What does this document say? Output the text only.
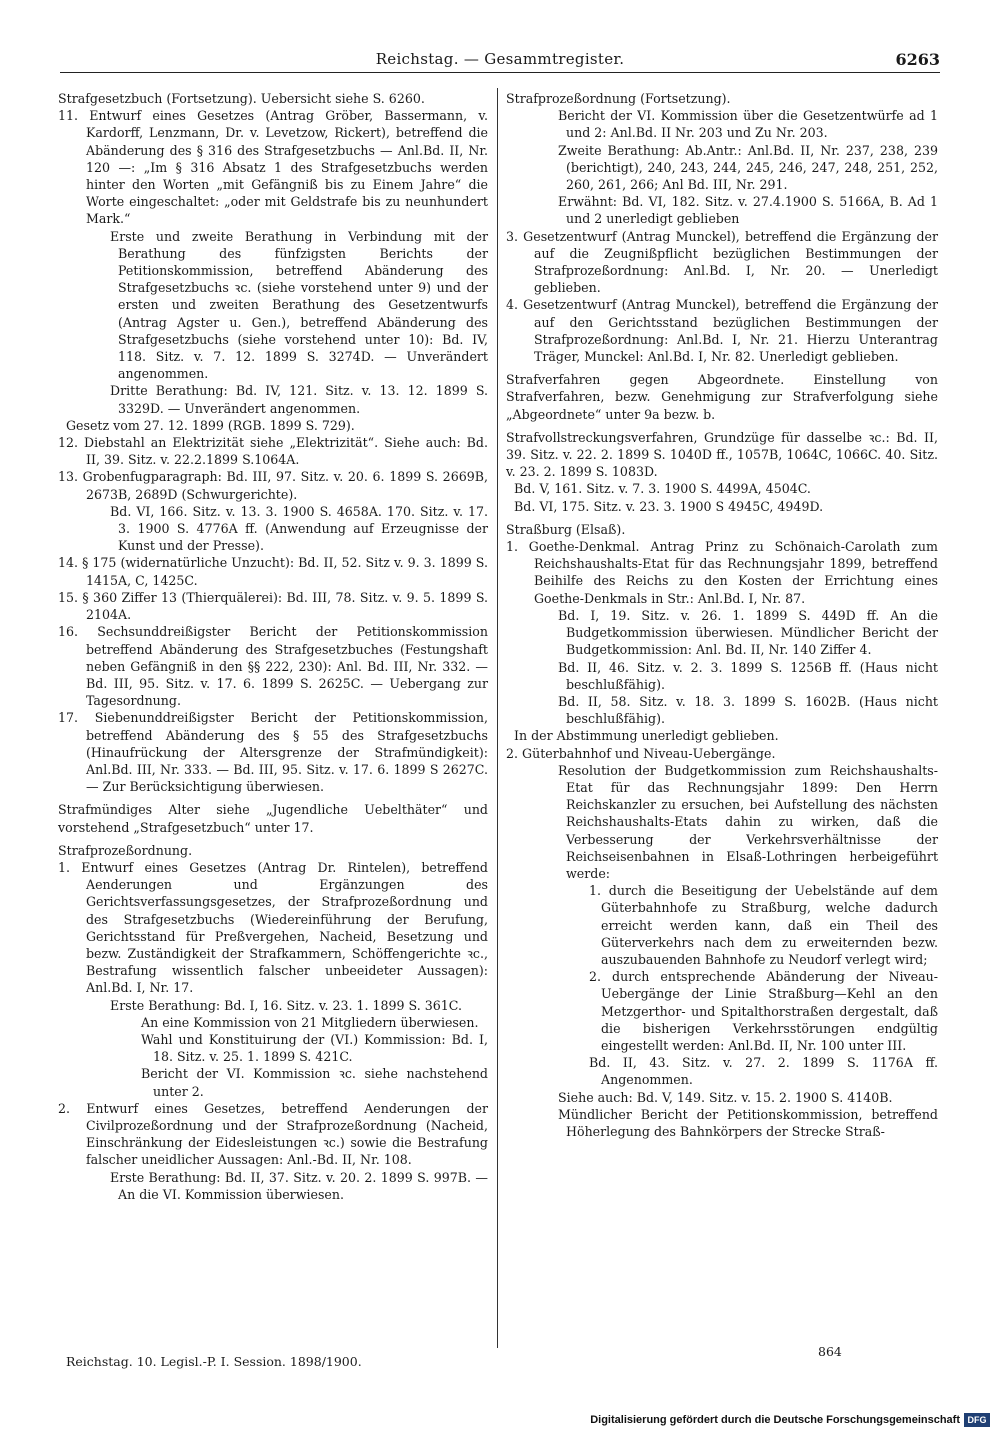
Reichstag. — Gesammtregister.	6263

Strafgesetzbuch (Fortsetzung). Uebersicht siehe S. 6260.

11. Entwurf eines Gesetzes (Antrag Gröber, Bassermann, v. Kardorff, Lenzmann, Dr. v. Levetzow, Rickert), betreffend die Abänderung des § 316 des Strafgesetzbuchs — Anl.Bd. II, Nr. 120 —: „Im § 316 Absatz 1 des Strafgesetzbuchs werden hinter den Worten „mit Gefängniß bis zu Einem Jahre“ die Worte eingeschaltet: „oder mit Geldstrafe bis zu neunhundert Mark.“

Erste und zweite Berathung in Verbindung mit der Berathung des fünfzigsten Berichts der Petitionskommission, betreffend Abänderung des Strafgesetzbuchs ꝛc. (siehe vorstehend unter 9) und der ersten und zweiten Berathung des Gesetzentwurfs (Antrag Agster u. Gen.), betreffend Abänderung des Strafgesetzbuchs (siehe vorstehend unter 10): Bd. IV, 118. Sitz. v. 7. 12. 1899 S. 3274D. — Unverändert angenommen.

Dritte Berathung: Bd. IV, 121. Sitz. v. 13. 12. 1899 S. 3329D. — Unverändert angenommen.

Gesetz vom 27. 12. 1899 (RGB. 1899 S. 729).

12. Diebstahl an Elektrizität siehe „Elektrizität“. Siehe auch: Bd. II, 39. Sitz. v. 22.2.1899 S.1064A.

13. Grobenfugparagraph: Bd. III, 97. Sitz. v. 20. 6. 1899 S. 2669B, 2673B, 2689D (Schwurgerichte).

Bd. VI, 166. Sitz. v. 13. 3. 1900 S. 4658A. 170. Sitz. v. 17. 3. 1900 S. 4776A ff. (Anwendung auf Erzeugnisse der Kunst und der Presse).

14. § 175 (widernatürliche Unzucht): Bd. II, 52. Sitz v. 9. 3. 1899 S. 1415A, C, 1425C.

15. § 360 Ziffer 13 (Thierquälerei): Bd. III, 78. Sitz. v. 9. 5. 1899 S. 2104A.

16. Sechsunddreißigster Bericht der Petitionskommission betreffend Abänderung des Strafgesetzbuches (Festungshaft neben Gefängniß in den §§ 222, 230): Anl. Bd. III, Nr. 332. — Bd. III, 95. Sitz. v. 17. 6. 1899 S. 2625C. — Uebergang zur Tagesordnung.

17. Siebenunddreißigster Bericht der Petitionskommission, betreffend Abänderung des § 55 des Strafgesetzbuchs (Hinaufrückung der Altersgrenze der Strafmündigkeit): Anl.Bd. III, Nr. 333. — Bd. III, 95. Sitz. v. 17. 6. 1899 S 2627C. — Zur Berücksichtigung überwiesen.

Strafmündiges Alter siehe „Jugendliche Uebelthäter“ und vorstehend „Strafgesetzbuch“ unter 17.

Strafprozeßordnung.

1. Entwurf eines Gesetzes (Antrag Dr. Rintelen), betreffend Aenderungen und Ergänzungen des Gerichtsverfassungsgesetzes, der Strafprozeßordnung und des Strafgesetzbuchs (Wiedereinführung der Berufung, Gerichtsstand für Preßvergehen, Nacheid, Besetzung und bezw. Zuständigkeit der Strafkammern, Schöffengerichte ꝛc., Bestrafung wissentlich falscher unbeeideter Aussagen): Anl.Bd. I, Nr. 17.

Erste Berathung: Bd. I, 16. Sitz. v. 23. 1. 1899 S. 361C.

An eine Kommission von 21 Mitgliedern überwiesen.

Wahl und Konstituirung der (VI.) Kommission: Bd. I, 18. Sitz. v. 25. 1. 1899 S. 421C.

Bericht der VI. Kommission ꝛc. siehe nachstehend unter 2.

2. Entwurf eines Gesetzes, betreffend Aenderungen der Civilprozeßordnung und der Strafprozeßordnung (Nacheid, Einschränkung der Eidesleistungen ꝛc.) sowie die Bestrafung falscher uneidlicher Aussagen: Anl.-Bd. II, Nr. 108.

Erste Berathung: Bd. II, 37. Sitz. v. 20. 2. 1899 S. 997B. — An die VI. Kommission überwiesen.

Strafprozeßordnung (Fortsetzung).

Bericht der VI. Kommission über die Gesetzentwürfe ad 1 und 2: Anl.Bd. II Nr. 203 und Zu Nr. 203.

Zweite Berathung: Ab.Antr.: Anl.Bd. II, Nr. 237, 238, 239 (berichtigt), 240, 243, 244, 245, 246, 247, 248, 251, 252, 260, 261, 266; Anl Bd. III, Nr. 291.

Erwähnt: Bd. VI, 182. Sitz. v. 27.4.1900 S. 5166A, B. Ad 1 und 2 unerledigt geblieben

3. Gesetzentwurf (Antrag Munckel), betreffend die Ergänzung der auf die Zeugnißpflicht bezüglichen Bestimmungen der Strafprozeßordnung: Anl.Bd. I, Nr. 20. — Unerledigt geblieben.

4. Gesetzentwurf (Antrag Munckel), betreffend die Ergänzung der auf den Gerichtsstand bezüglichen Bestimmungen der Strafprozeßordnung: Anl.Bd. I, Nr. 21. Hierzu Unterantrag Träger, Munckel: Anl.Bd. I, Nr. 82. Unerledigt geblieben.

Strafverfahren gegen Abgeordnete. Einstellung von Strafverfahren, bezw. Genehmigung zur Strafverfolgung siehe „Abgeordnete“ unter 9a bezw. b.

Strafvollstreckungsverfahren, Grundzüge für dasselbe ꝛc.: Bd. II, 39. Sitz. v. 22. 2. 1899 S. 1040D ff., 1057B, 1064C, 1066C. 40. Sitz. v. 23. 2. 1899 S. 1083D.

Bd. V, 161. Sitz. v. 7. 3. 1900 S. 4499A, 4504C.

Bd. VI, 175. Sitz. v. 23. 3. 1900 S 4945C, 4949D.

Straßburg (Elsaß).

1. Goethe-Denkmal. Antrag Prinz zu Schönaich-Carolath zum Reichshaushalts-Etat für das Rechnungsjahr 1899, betreffend Beihilfe des Reichs zu den Kosten der Errichtung eines Goethe-Denkmals in Str.: Anl.Bd. I, Nr. 87.

Bd. I, 19. Sitz. v. 26. 1. 1899 S. 449D ff. An die Budgetkommission überwiesen. Mündlicher Bericht der Budgetkommission: Anl. Bd. II, Nr. 140 Ziffer 4.

Bd. II, 46. Sitz. v. 2. 3. 1899 S. 1256B ff. (Haus nicht beschlußfähig).

Bd. II, 58. Sitz. v. 18. 3. 1899 S. 1602B. (Haus nicht beschlußfähig).

In der Abstimmung unerledigt geblieben.

2. Güterbahnhof und Niveau-Uebergänge.

Resolution der Budgetkommission zum Reichshaushalts-Etat für das Rechnungsjahr 1899: Den Herrn Reichskanzler zu ersuchen, bei Aufstellung des nächsten Reichshaushalts-Etats dahin zu wirken, daß die Verbesserung der Verkehrsverhältnisse der Reichseisenbahnen in Elsaß-Lothringen herbeigeführt werde:

1. durch die Beseitigung der Uebelstände auf dem Güterbahnhofe zu Straßburg, welche dadurch erreicht werden kann, daß ein Theil des Güterverkehrs nach dem zu erweiternden bezw. auszubauenden Bahnhofe zu Neudorf verlegt wird;

2. durch entsprechende Abänderung der Niveau-Uebergänge der Linie Straßburg—Kehl an den Metzgerthor- und Spitalthorstraßen dergestalt, daß die bisherigen Verkehrsstörungen endgültig eingestellt werden: Anl.Bd. II, Nr. 100 unter III.

Bd. II, 43. Sitz. v. 27. 2. 1899 S. 1176A ff. Angenommen.

Siehe auch: Bd. V, 149. Sitz. v. 15. 2. 1900 S. 4140B.

Mündlicher Bericht der Petitionskommission, betreffend Höherlegung des Bahnkörpers der Strecke Straß-

Reichstag. 10. Legisl.-P. I. Session. 1898/1900.
864
Digitalisierung gefördert durch die Deutsche Forschungsgemeinschaft DFG
